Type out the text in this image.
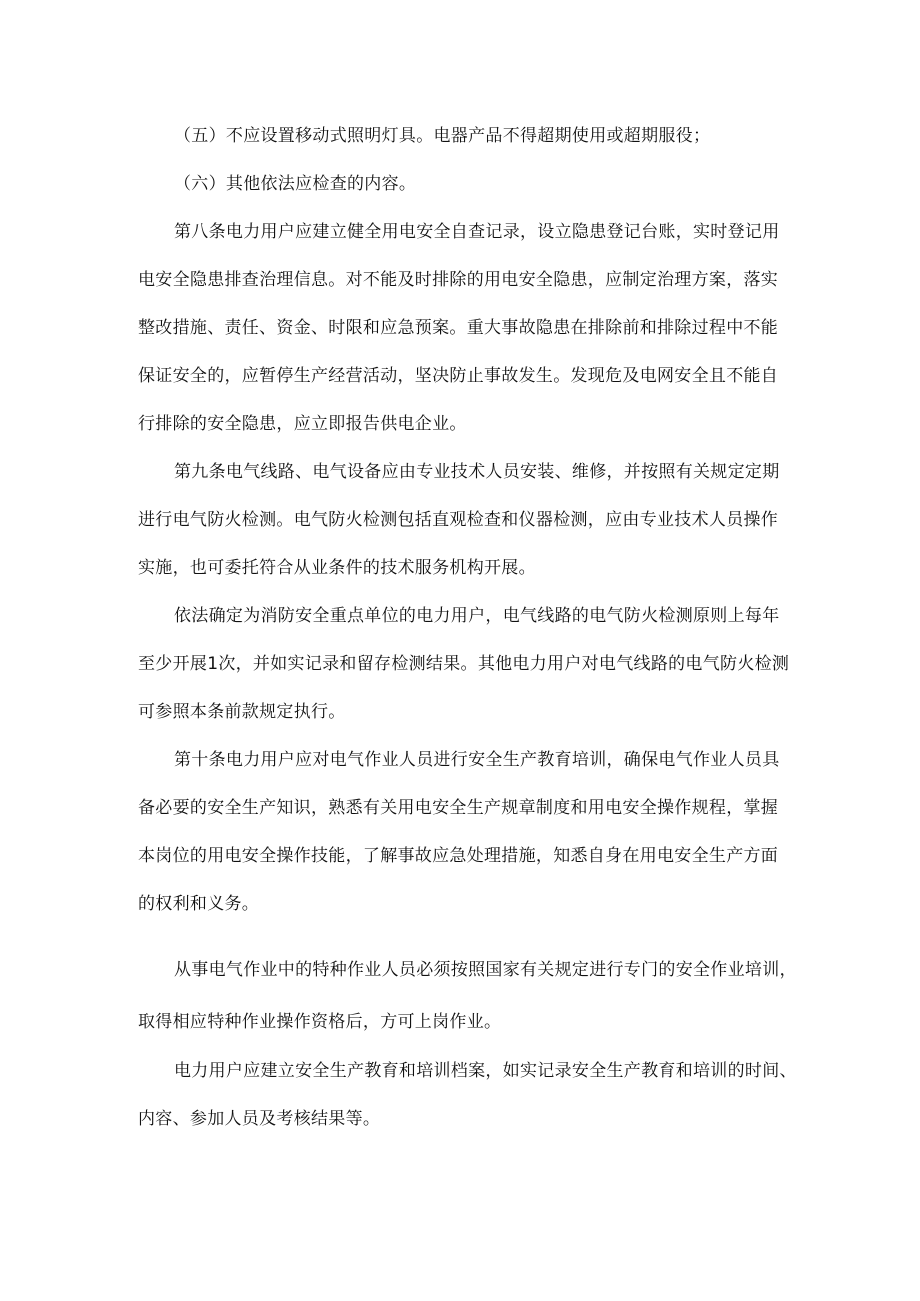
（五）不应设置移动式照明灯具。电器产品不得超期使用或超期服役；
（六）其他依法应检查的内容。
第八条电力用户应建立健全用电安全自查记录，设立隐患登记台账，实时登记用
电安全隐患排查治理信息。对不能及时排除的用电安全隐患，应制定治理方案，落实
整改措施、责任、资金、时限和应急预案。重大事故隐患在排除前和排除过程中不能
保证安全的，应暂停生产经营活动，坚决防止事故发生。发现危及电网安全且不能自
行排除的安全隐患，应立即报告供电企业。
第九条电气线路、电气设备应由专业技术人员安装、维修，并按照有关规定定期
进行电气防火检测。电气防火检测包括直观检查和仪器检测，应由专业技术人员操作
实施，也可委托符合从业条件的技术服务机构开展。
依法确定为消防安全重点单位的电力用户，电气线路的电气防火检测原则上每年
至少开展1次，并如实记录和留存检测结果。其他电力用户对电气线路的电气防火检测
可参照本条前款规定执行。
第十条电力用户应对电气作业人员进行安全生产教育培训，确保电气作业人员具
备必要的安全生产知识，熟悉有关用电安全生产规章制度和用电安全操作规程，掌握
本岗位的用电安全操作技能，了解事故应急处理措施，知悉自身在用电安全生产方面
的权利和义务。
从事电气作业中的特种作业人员必须按照国家有关规定进行专门的安全作业培训，
取得相应特种作业操作资格后，方可上岗作业。
电力用户应建立安全生产教育和培训档案，如实记录安全生产教育和培训的时间、
内容、参加人员及考核结果等。
